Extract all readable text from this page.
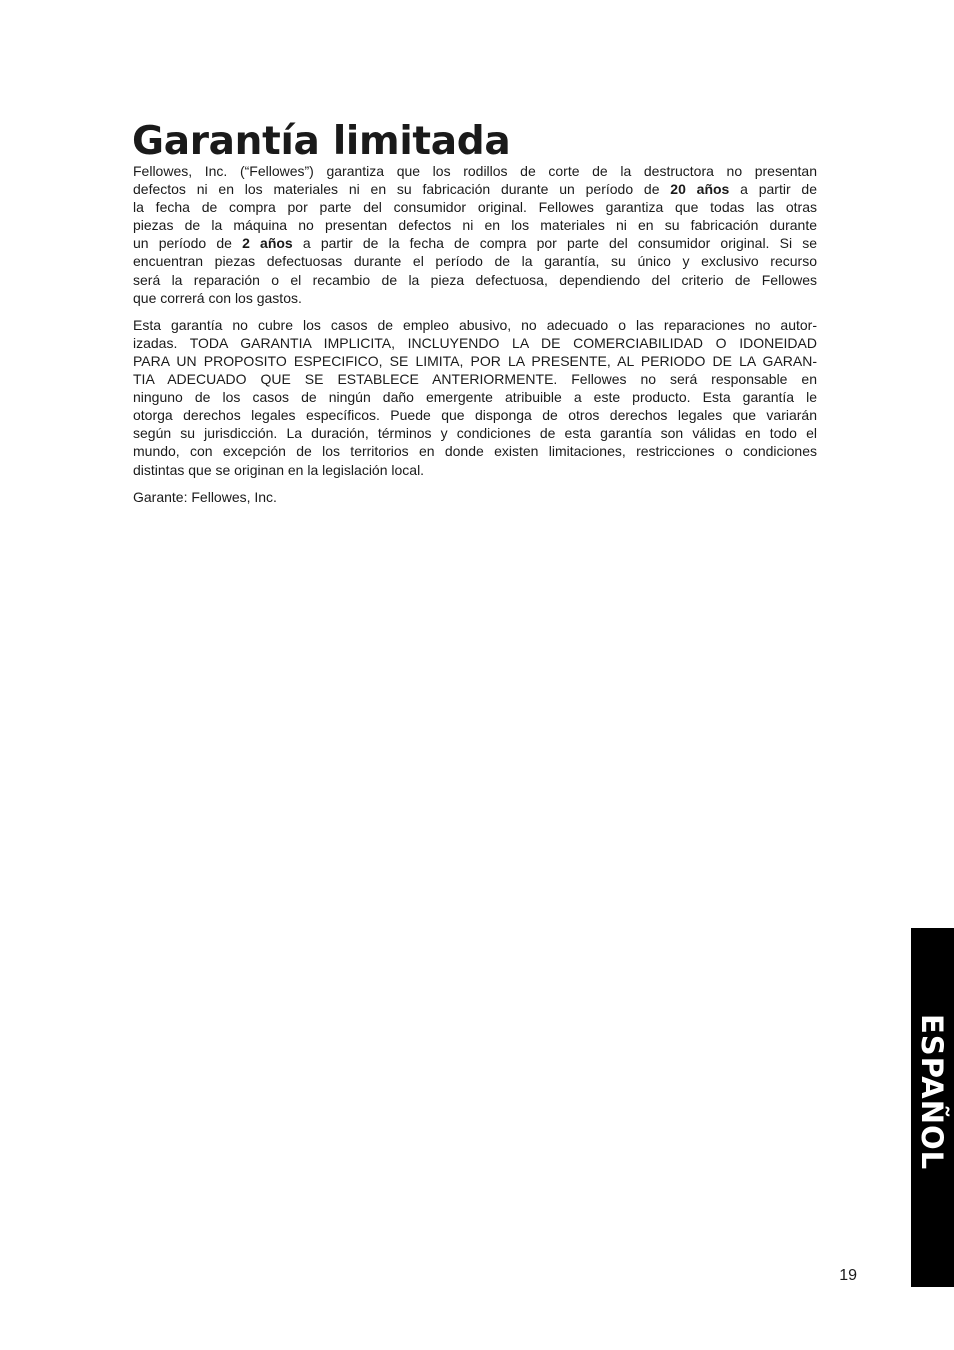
Garantía limitada

Fellowes, Inc. (“Fellowes”) garantiza que los rodillos de corte de la destructora no presentan
defectos ni en los materiales ni en su fabricación durante un período de 20 años a partir de
la fecha de compra por parte del consumidor original. Fellowes garantiza que todas las otras
piezas de la máquina no presentan defectos ni en los materiales ni en su fabricación durante
un período de 2 años a partir de la fecha de compra por parte del consumidor original. Si se
encuentran piezas defectuosas durante el período de la garantía, su único y exclusivo recurso
será la reparación o el recambio de la pieza defectuosa, dependiendo del criterio de Fellowes
que correrá con los gastos.

Esta garantía no cubre los casos de empleo abusivo, no adecuado o las reparaciones no autor-
izadas. TODA GARANTIA IMPLICITA, INCLUYENDO LA DE COMERCIABILIDAD O IDONEIDAD
PARA UN PROPOSITO ESPECIFICO, SE LIMITA, POR LA PRESENTE, AL PERIODO DE LA GARAN-
TIA ADECUADO QUE SE ESTABLECE ANTERIORMENTE. Fellowes no será responsable en
ninguno de los casos de ningún daño emergente atribuible a este producto. Esta garantía le
otorga derechos legales específicos. Puede que disponga de otros derechos legales que variarán
según su jurisdicción. La duración, términos y condiciones de esta garantía son válidas en todo el
mundo, con excepción de los territorios en donde existen limitaciones, restricciones o condiciones
distintas que se originan en la legislación local.

Garante: Fellowes, Inc.

ESPAÑOL
19
